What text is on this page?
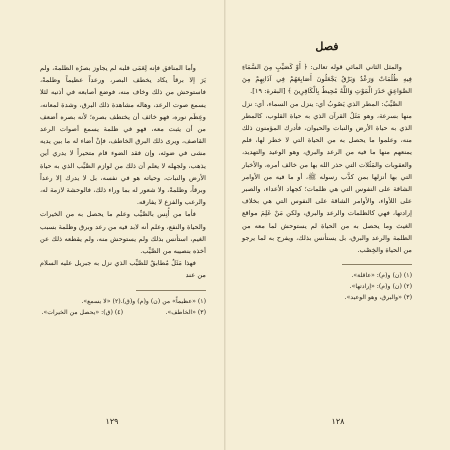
وأما المنافق فإنه لِعَمَى قلبه لم يجاوز بصرُه الظلمةَ، ولم يَرَ إلا برقاً يكاد يخطف البصر، ورعداً عظيماً وظلمةً، فاستوحش من ذلك وخاف منه، فوضع أصابعه في أذنيه لئلا يسمع صوت الرعد، وهاله مشاهدة ذلك البرق، وشدة لمعانه، وعِظَم نوره، فهو خائف أن يختطف بصره؛ لأنه بصره أضعف من أن يثبت معه، فهو في ظلمة يسمع أصوات الرعد القاصف، ويرى ذلك البرق الخاطف، فإنْ أضاء له ما بين يديه مشى في ضوئه، وإن فقد الضوء قام متحيراً لا يدري أين يذهب، ولجهله لا يعلم أن ذلك من لوازم الصَّيِّب الذي به حياة الأرض والنبات، وحياته هو في نفسه، بل لا يدرك إلا رعداً وبرقاً، وظلمةً، ولا شعور له بما وراء ذلك، فالوحشة لازمة له، والرعب والفزع لا يفارقه.

فأما من أُنِس بالصَّيِّب وعلم ما يحصل به من الخيرات والحياة والنفع، وعلم أنه لابد فيه من رعد وبرق وظلمة بسبب الغيم، استأنس بذلك ولم يستوحش منه، ولم يقطعه ذلك عن أخذه بنصيبه من الصَّيِّب.

فهذا مَثَلٌ مُطابقٌ للصَّيِّب الذي نزل به جبريل عليه السلام من عند

(١) «عظيماً» من (ن) و(م) و(ق).
(٢) «لا يسمع».
(٣) «الخاطف».
(٤) (ق): «يحصل من الخيرات».
١٢٩
فصل

والمثل الثاني المائي قوله تعالى: ﴿ أَوْ كَصَيِّبٍ مِنَ السَّمَاءِ فِيهِ ظُلُمَاتٌ وَرَعْدٌ وَبَرْقٌ يَجْعَلُونَ أَصَابِعَهُمْ فِي آذَانِهِمْ مِنَ الصَّوَاعِقِ حَذَرَ الْمَوْتِ وَاللَّهُ مُحِيطٌ بِالْكَافِرِينَ ﴾ [البقرة: ١٩].

الصَّيِّبُ: المطر الذي يَصُوبُ أي: ينزل من السماء، أي: نزل منها بسرعة، وهو مَثَلُ القرآن الذي به حياة القلوب، كالمطر الذي به حياة الأرض والنبات والحيوان، فأدرك المؤمنون ذلك منه، وعلموا ما يحصل به من الحياة التي لا خطر لها، فلم يمنعهم منها ما فيه من الرعد والبرق، وهو الوعيد والتهديد، والعقوبات والمَثُلات التي حذر الله بها من خالف أمره، والأخبار التي بها أنزلها بمن كذَّب رسوله ﷺ، أو ما فيه من الأوامر الشاقة على النفوس التي هي ظلمات؛ كجهاد الأعداء، والصبر على اللأواء، والأوامر الشاقة على النفوس التي هي بخلاف إرادتها، فهي كالظلمات والرعد والبرق، ولكن مَنْ عَلِمَ مواقع الغيث وما يحصل به من الحياة لم يستوحش لما معه من الظلمة والرعد والبرق، بل يستأنس بذلك، ويفرح به لما يرجو من الحياة والخِصْب.

(١) (ن) و(م): «عاقلة».
(٢) (ن) و(م): «إرادتها».
(٣) «والبرق، وهو الوعيد».
١٢٨
